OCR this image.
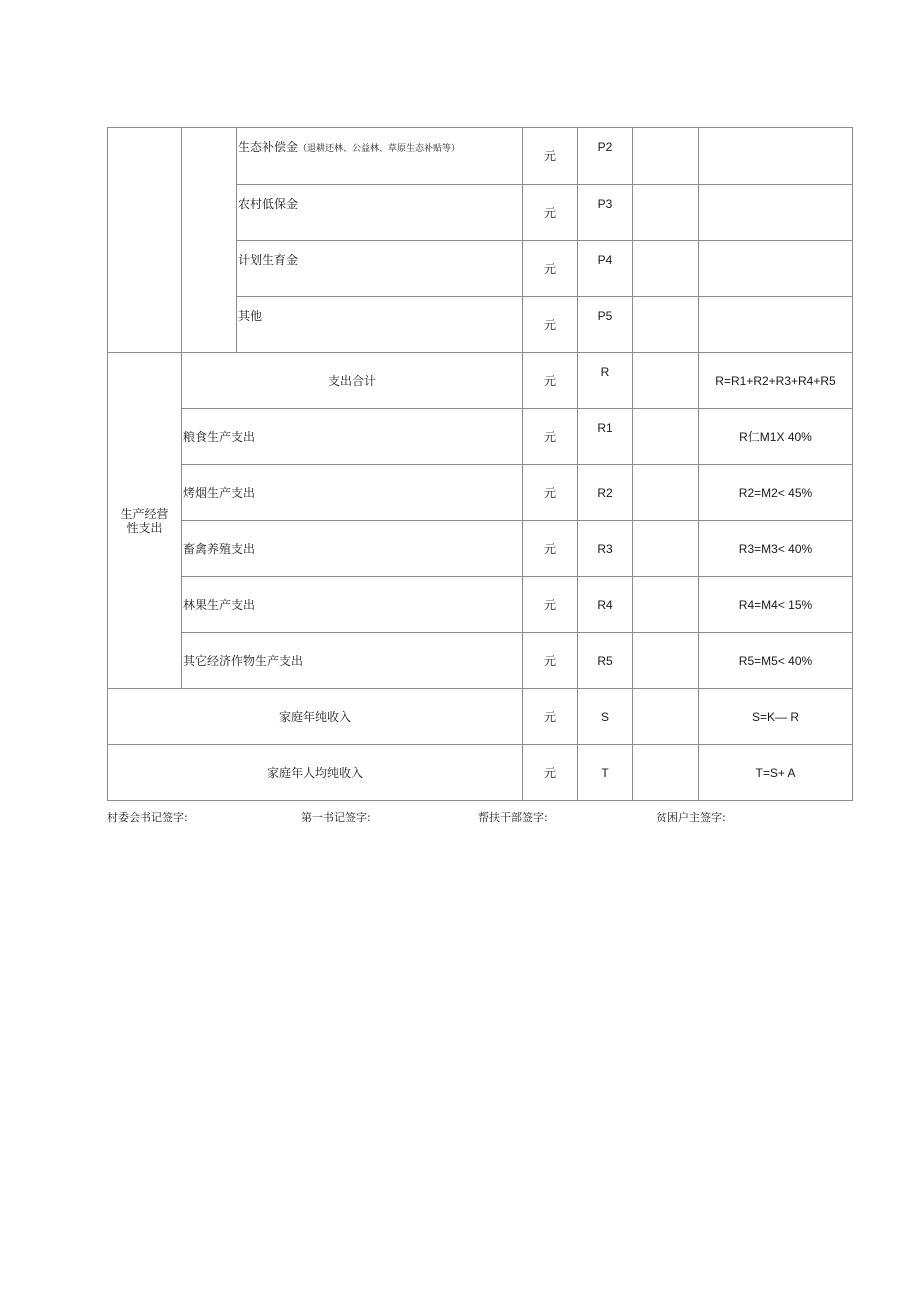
		生态补偿金（退耕还林、公益林、草原生态补贴等）	元	P2		
		农村低保金	元	P3		
		计划生育金	元	P4		
		其他	元	P5		

生产经营
性支出	支出合计		元	R		R=R1+R2+R3+R4+R5
	粮食生产支出		元	R1		R仁M1X 40%
	烤烟生产支出		元	R2		R2=M2< 45%
	畜禽养殖支出		元	R3		R3=M3< 40%
	林果生产支出		元	R4		R4=M4< 15%
	其它经济作物生产支出		元	R5		R5=M5< 40%
家庭年纯收入			元	S		S=K— R
家庭年人均纯收入			元	T		T=S+ A
村委会书记签字:	第一书记签字:	帮扶干部签字:	贫困户主签字:
